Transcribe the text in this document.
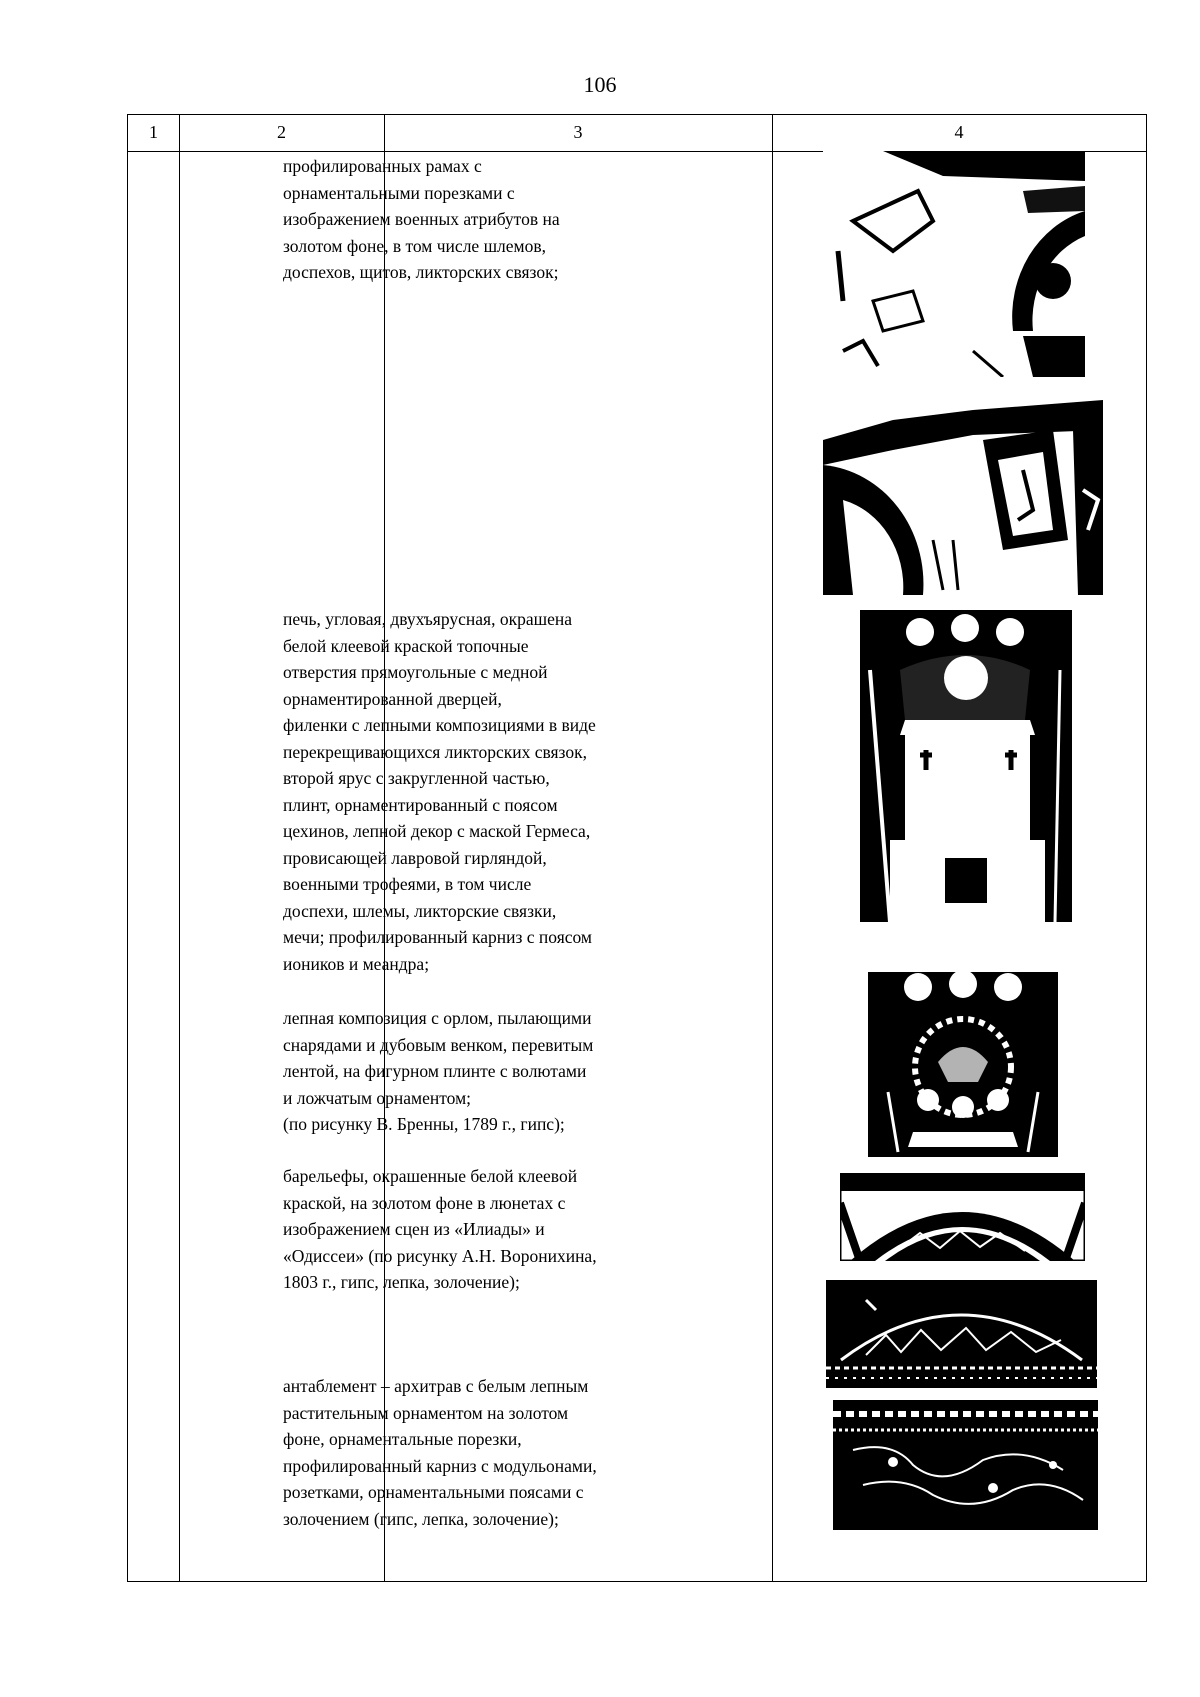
106
1	2	3	4

профилированных рамах с

орнаментальными порезками с

изображением военных атрибутов на

золотом фоне, в том числе шлемов,

доспехов, щитов, ликторских связок;

печь, угловая, двухъярусная, окрашена

белой клеевой краской топочные

отверстия прямоугольные с медной

орнаментированной дверцей,

филенки с лепными композициями в виде

перекрещивающихся ликторских связок,

второй ярус с закругленной частью,

плинт, орнаментированный с поясом

цехинов, лепной декор с маской Гермеса,

провисающей лавровой гирляндой,

военными трофеями, в том числе

доспехи, шлемы, ликторские связки,

мечи; профилированный карниз с поясом

иоников и меандра;

лепная композиция с орлом, пылающими

снарядами и дубовым венком, перевитым

лентой, на фигурном плинте с волютами

и ложчатым орнаментом;

(по рисунку В. Бренны, 1789 г., гипс);

барельефы, окрашенные белой клеевой

краской, на золотом фоне в люнетах с

изображением сцен из «Илиады» и

«Одиссеи» (по рисунку А.Н. Воронихина,

1803 г., гипс, лепка, золочение);

антаблемент – архитрав с белым лепным

растительным орнаментом на золотом

фоне, орнаментальные порезки,

профилированный карниз с модульонами,

розетками, орнаментальными поясами с

золочением (гипс, лепка, золочение);
